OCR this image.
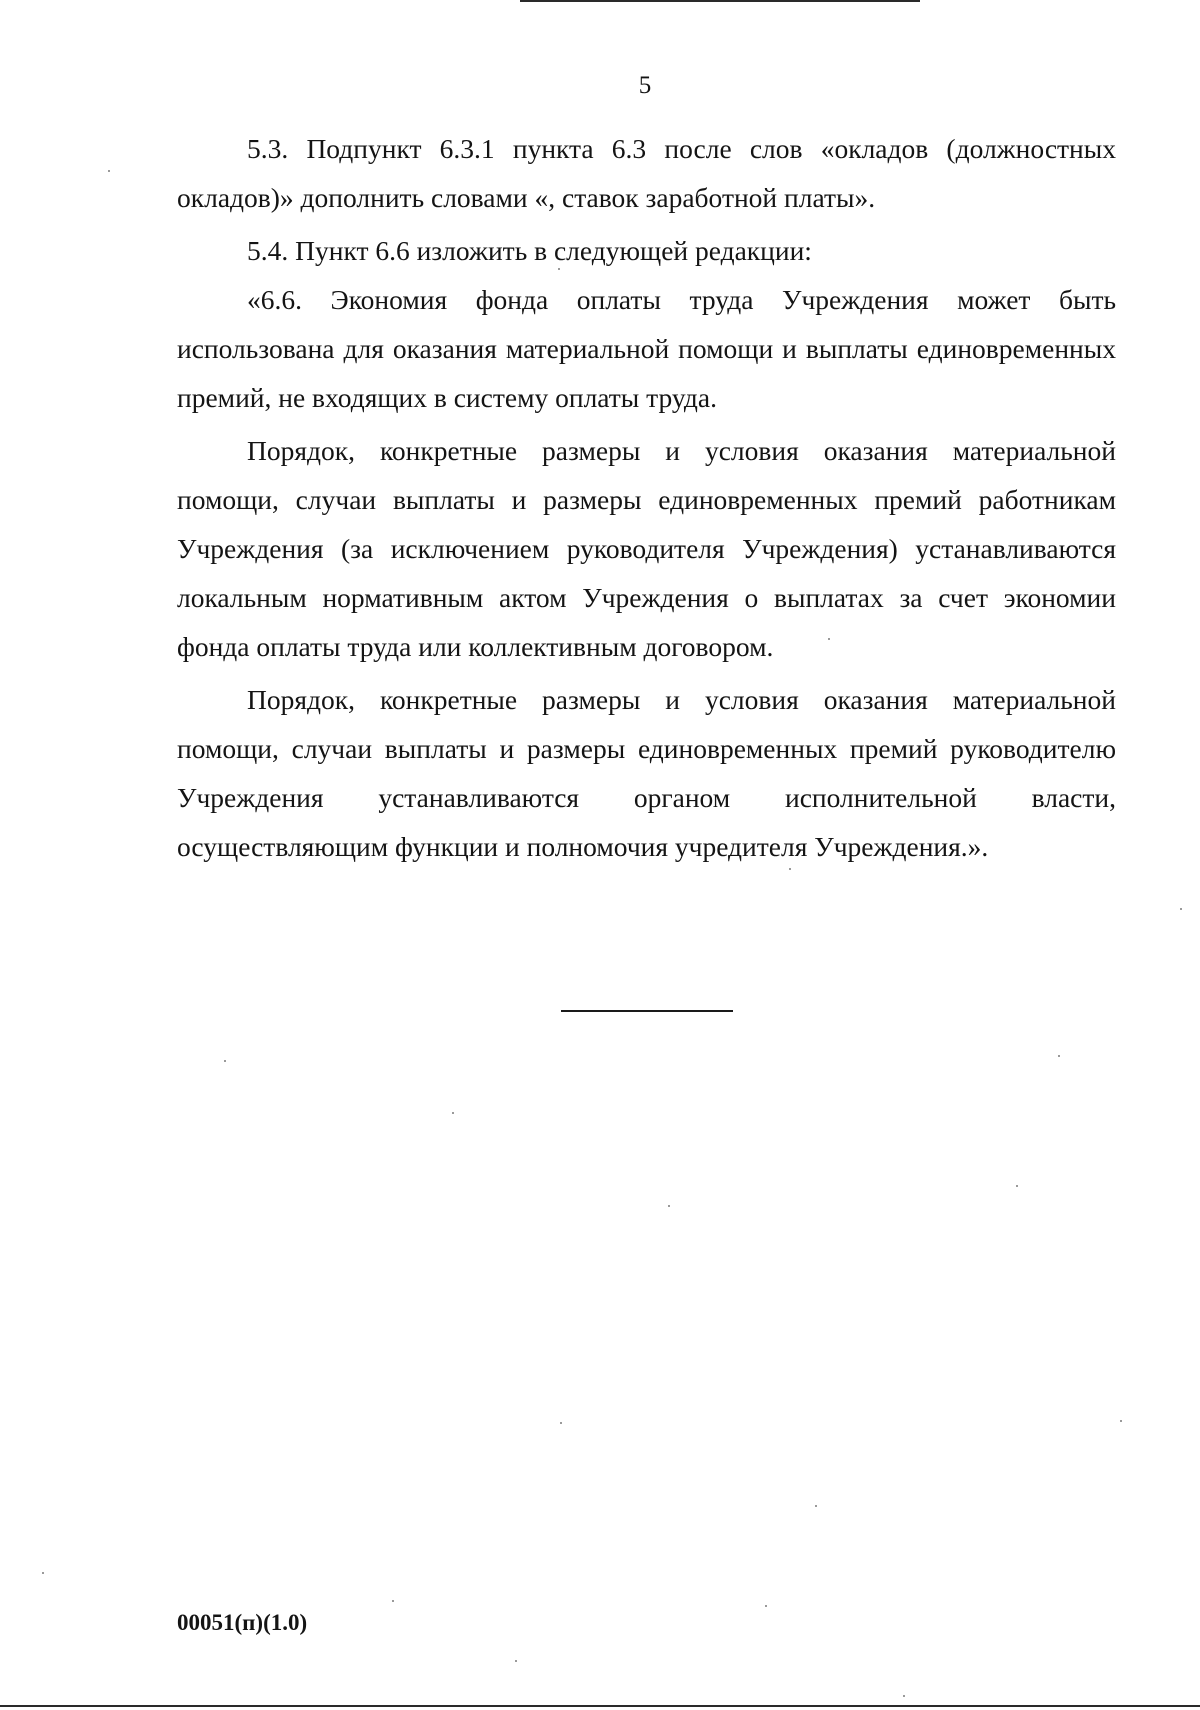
5

5.3. Подпункт 6.3.1 пункта 6.3 после слов «окладов (должностных окладов)» дополнить словами «, ставок заработной платы».

5.4. Пункт 6.6 изложить в следующей редакции:

«6.6. Экономия фонда оплаты труда Учреждения может быть использована для оказания материальной помощи и выплаты единовременных премий, не входящих в систему оплаты труда.

Порядок, конкретные размеры и условия оказания материальной помощи, случаи выплаты и размеры единовременных премий работникам Учреждения (за исключением руководителя Учреждения) устанавливаются локальным нормативным актом Учреждения о выплатах за счет экономии фонда оплаты труда или коллективным договором.

Порядок, конкретные размеры и условия оказания материальной помощи, случаи выплаты и размеры единовременных премий руководителю Учреждения устанавливаются органом исполнительной власти, осуществляющим функции и полномочия учредителя Учреждения.».

00051(п)(1.0)
